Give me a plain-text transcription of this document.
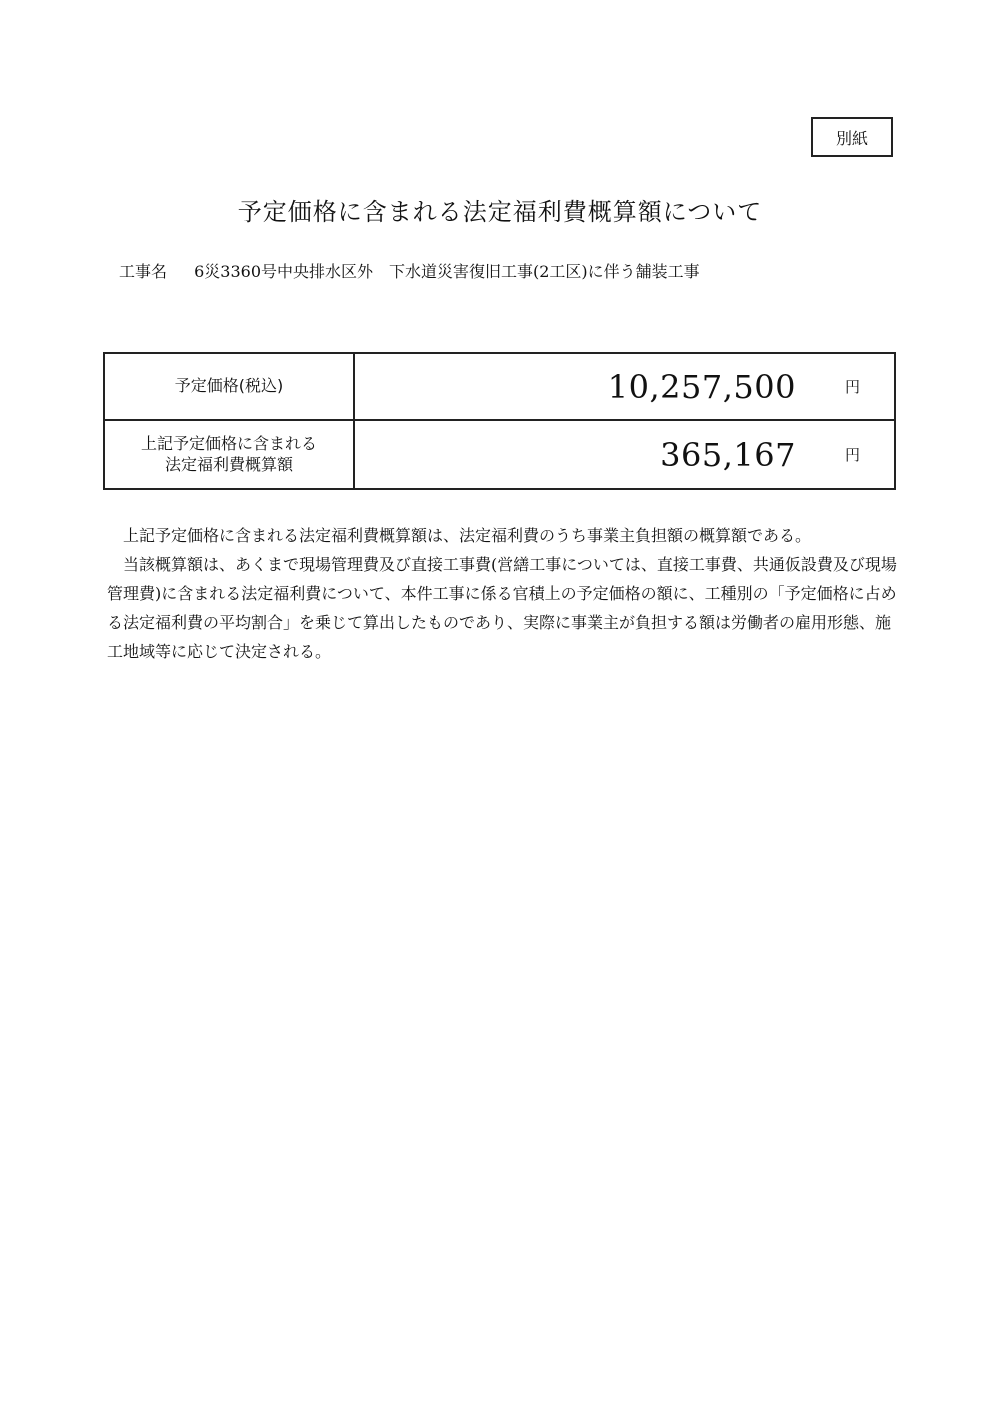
別紙
予定価格に含まれる法定福利費概算額について
工事名 6災3360号中央排水区外　下水道災害復旧工事(2工区)に伴う舗装工事
予定価格(税込)	10,257,500	円
上記予定価格に含まれる
法定福利費概算額	365,167	円

上記予定価格に含まれる法定福利費概算額は、法定福利費のうち事業主負担額の概算額である。

当該概算額は、あくまで現場管理費及び直接工事費(営繕工事については、直接工事費、共通仮設費及び現場管理費)に含まれる法定福利費について、本件工事に係る官積上の予定価格の額に、工種別の「予定価格に占める法定福利費の平均割合」を乗じて算出したものであり、実際に事業主が負担する額は労働者の雇用形態、施工地域等に応じて決定される。
